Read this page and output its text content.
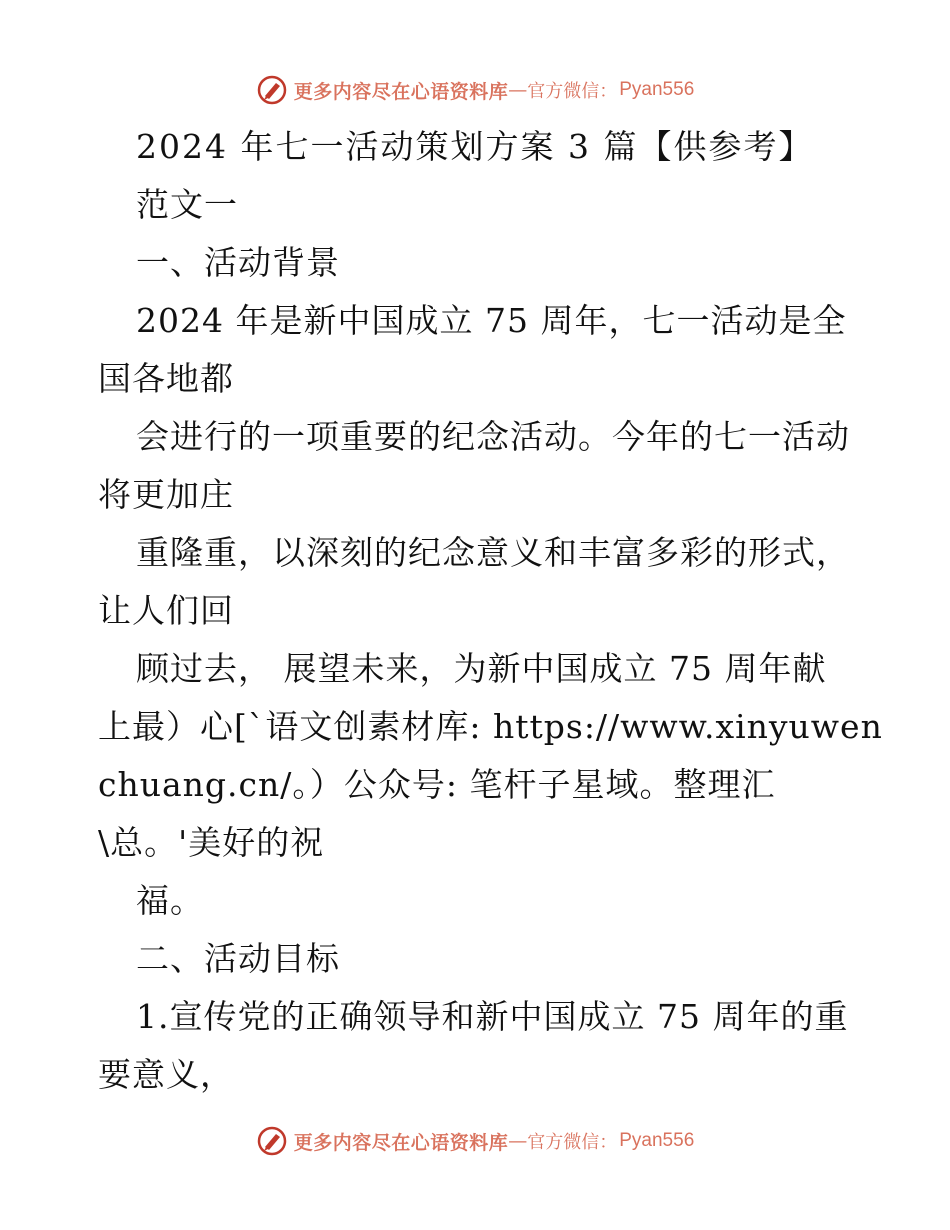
更多内容尽在心语资料库 — 官方微信： Pyan556
2024 年七一活动策划方案 3 篇【供参考】
范文一
一、活动背景
2024 年是新中国成立 75 周年，七一活动是全
国各地都
会进行的一项重要的纪念活动。今年的七一活动
将更加庄
重隆重，以深刻的纪念意义和丰富多彩的形式，
让人们回
顾过去， 展望未来，为新中国成立 75 周年献
上最）心[`语文创素材库: https://www.xinyuwen
chuang.cn/。）公众号: 笔杆子星域。整理汇
\总。'美好的祝
福。
二、活动目标
1.宣传党的正确领导和新中国成立 75 周年的重
要意义，
更多内容尽在心语资料库 — 官方微信： Pyan556
